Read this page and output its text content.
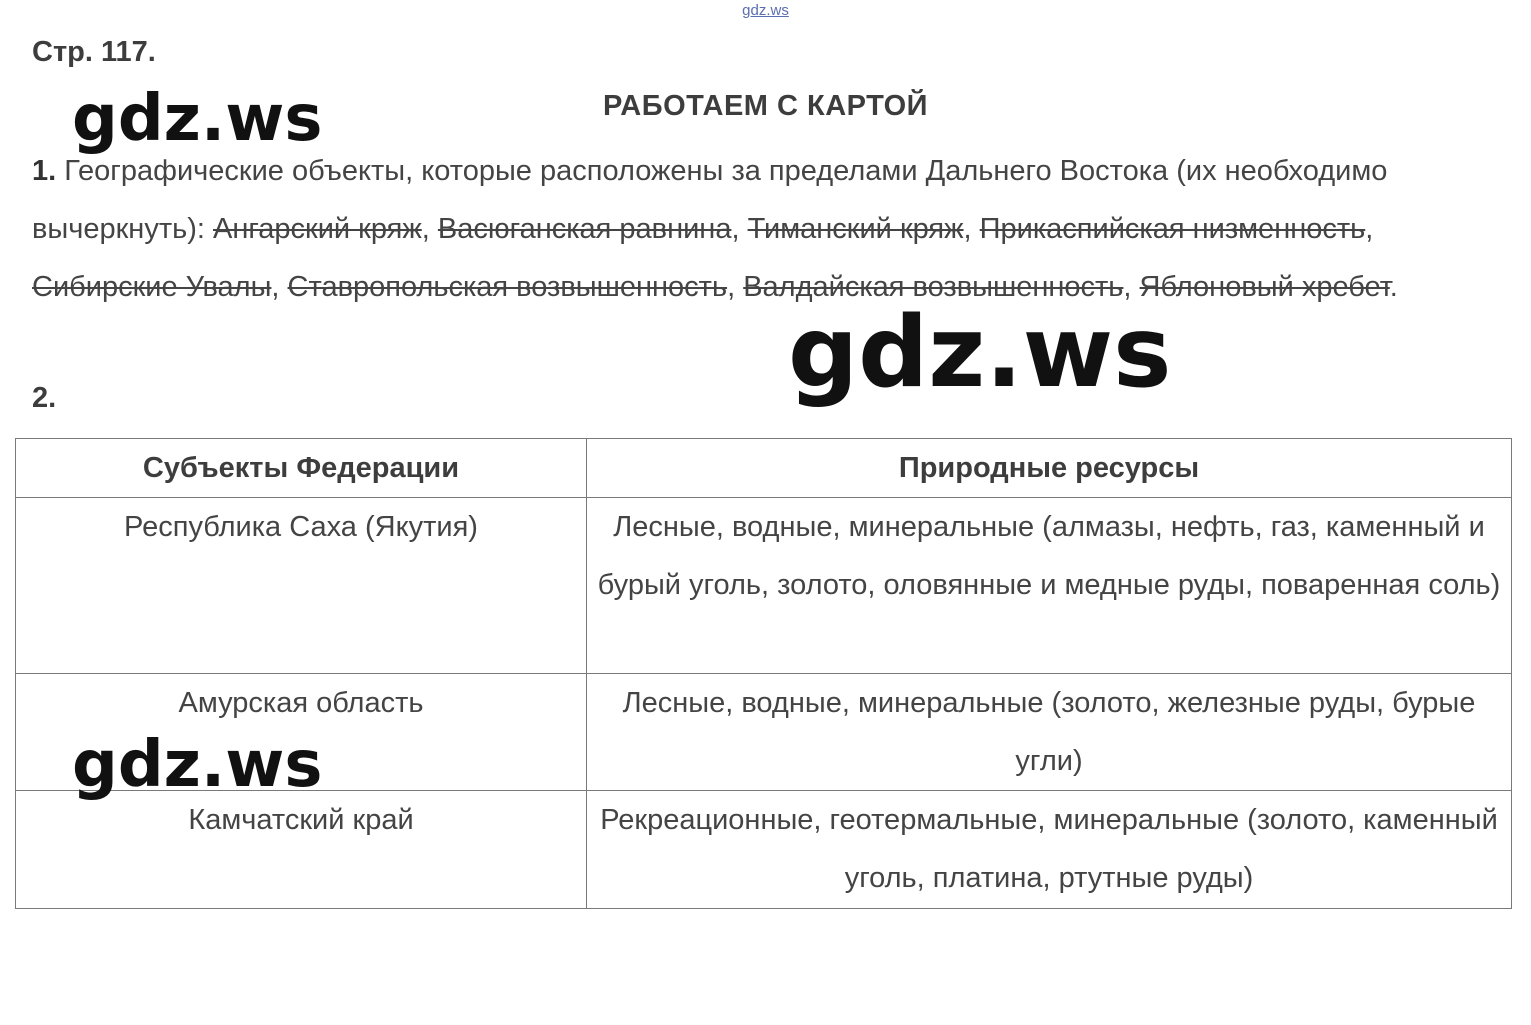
gdz.ws
Стр. 117.
РАБОТАЕМ С КАРТОЙ
1. Географические объекты, которые расположены за пределами Дальнего Востока (их необходимо вычеркнуть): Ангарский кряж, Васюганская равнина, Тиманский кряж, Прикаспийская низменность, Сибирские Увалы, Ставропольская возвышенность, Валдайская возвышенность, Яблоновый хребет.
2.
Субъекты Федерации	Природные ресурсы
Республика Саха (Якутия)	Лесные, водные, минеральные (алмазы, нефть, газ, каменный и бурый уголь, золото, оловянные и медные руды, поваренная соль)
Амурская область	Лесные, водные, минеральные (золото, железные руды, бурые угли)
Камчатский край	Рекреационные, геотермальные, минеральные (золото, каменный уголь, платина, ртутные руды)
gdz.ws
gdz.ws
gdz.ws
